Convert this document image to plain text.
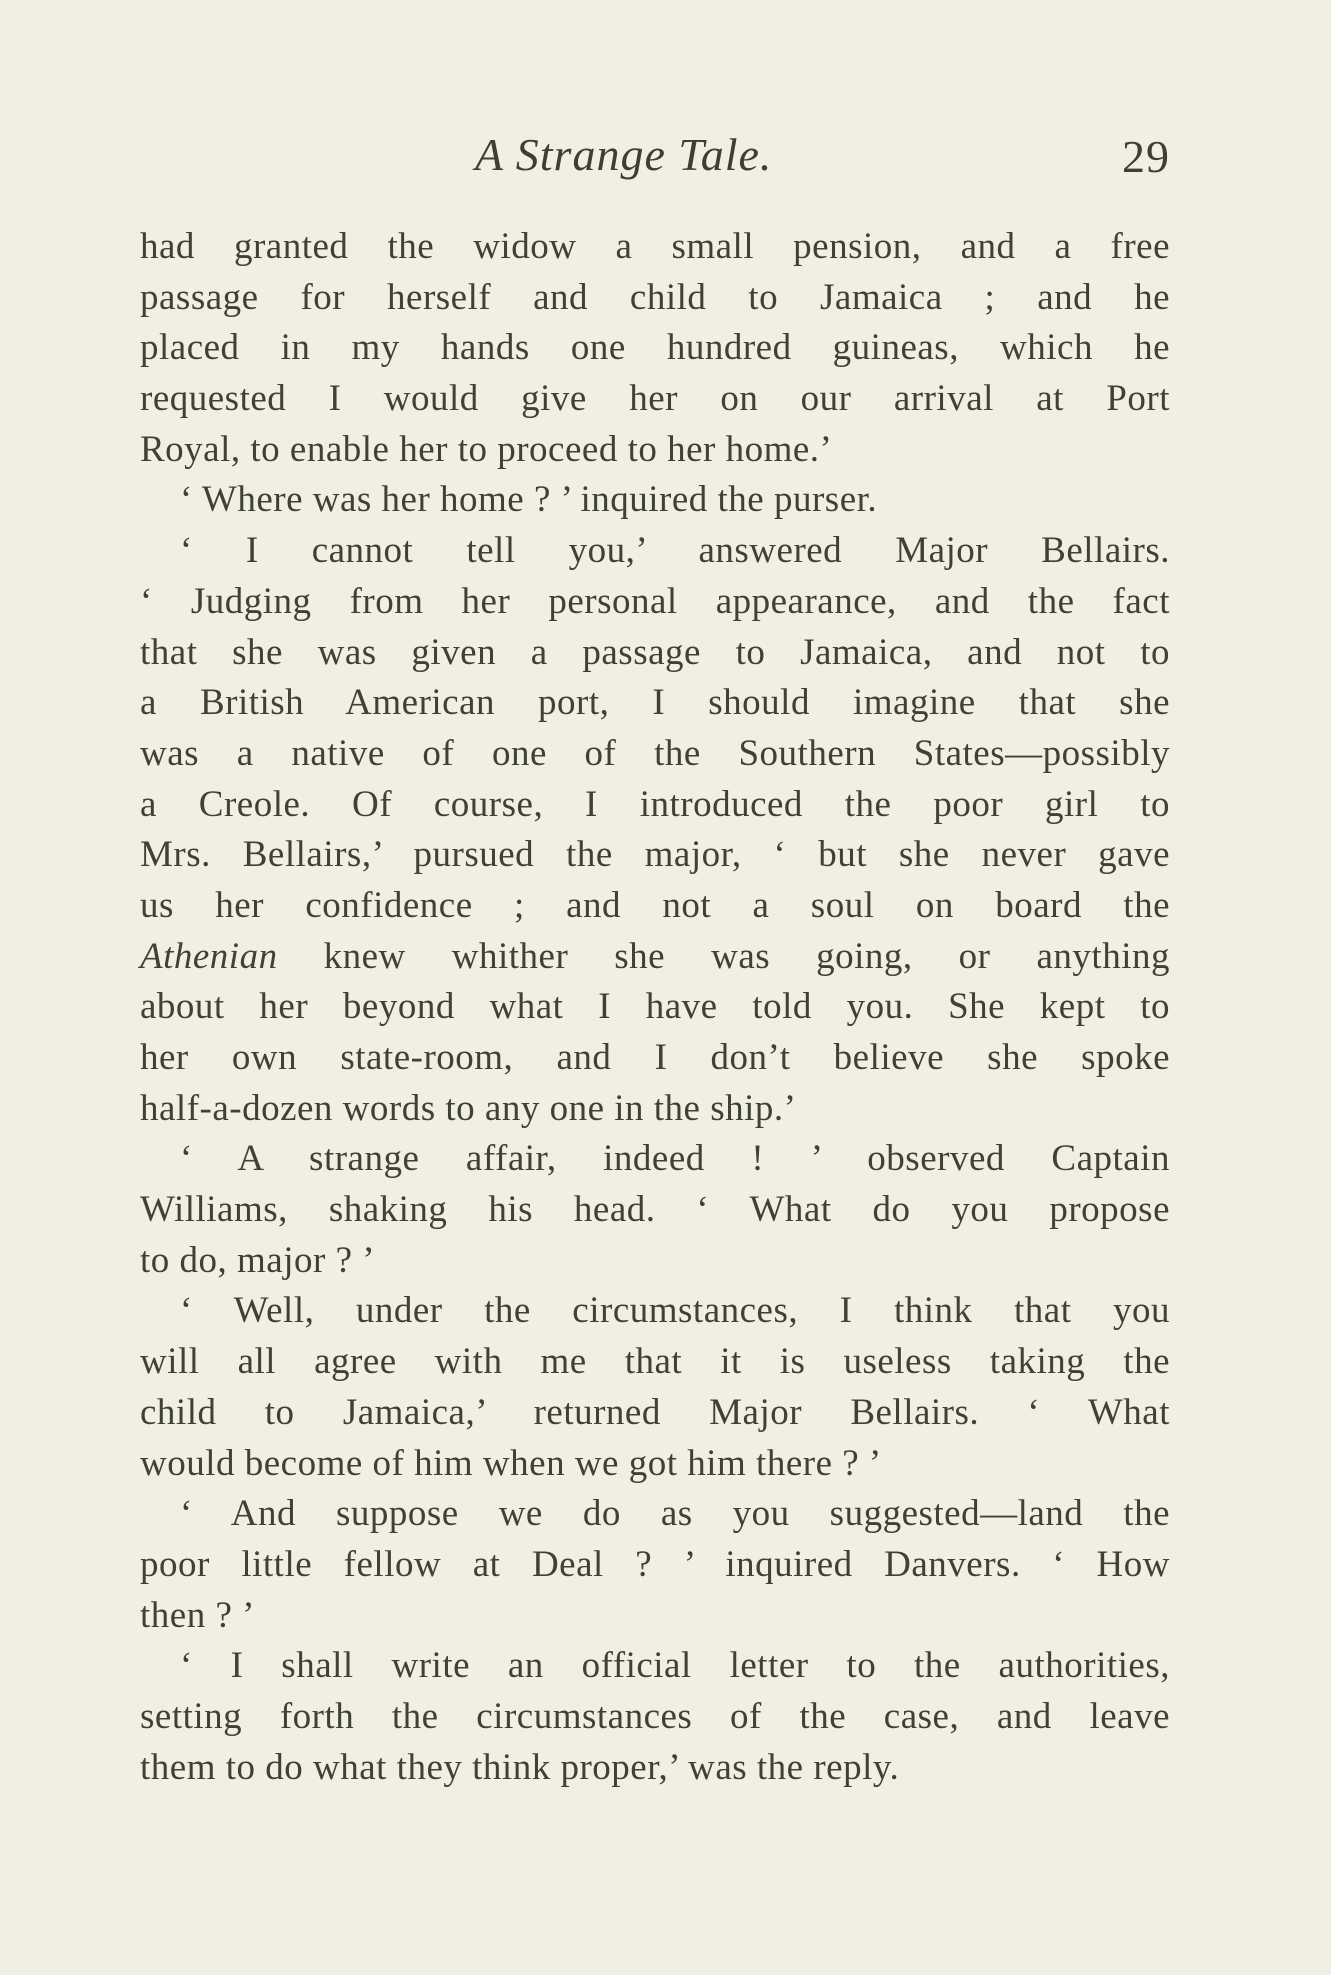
A Strange Tale.	29
had granted the widow a small pension, and a free
passage for herself and child to Jamaica ; and he
placed in my hands one hundred guineas, which he
requested I would give her on our arrival at Port
Royal, to enable her to proceed to her home.’
‘ Where was her home ? ’ inquired the purser.
‘ I cannot tell you,’ answered Major Bellairs.
‘ Judging from her personal appearance, and the fact
that she was given a passage to Jamaica, and not to
a British American port, I should imagine that she
was a native of one of the Southern States—possibly
a Creole. Of course, I introduced the poor girl to
Mrs. Bellairs,’ pursued the major, ‘ but she never gave
us her confidence ; and not a soul on board the
Athenian knew whither she was going, or anything
about her beyond what I have told you. She kept to
her own state-room, and I don’t believe she spoke
half-a-dozen words to any one in the ship.’
‘ A strange affair, indeed ! ’ observed Captain
Williams, shaking his head. ‘ What do you propose
to do, major ? ’
‘ Well, under the circumstances, I think that you
will all agree with me that it is useless taking the
child to Jamaica,’ returned Major Bellairs. ‘ What
would become of him when we got him there ? ’
‘ And suppose we do as you suggested—land the
poor little fellow at Deal ? ’ inquired Danvers. ‘ How
then ? ’
‘ I shall write an official letter to the authorities,
setting forth the circumstances of the case, and leave
them to do what they think proper,’ was the reply.
